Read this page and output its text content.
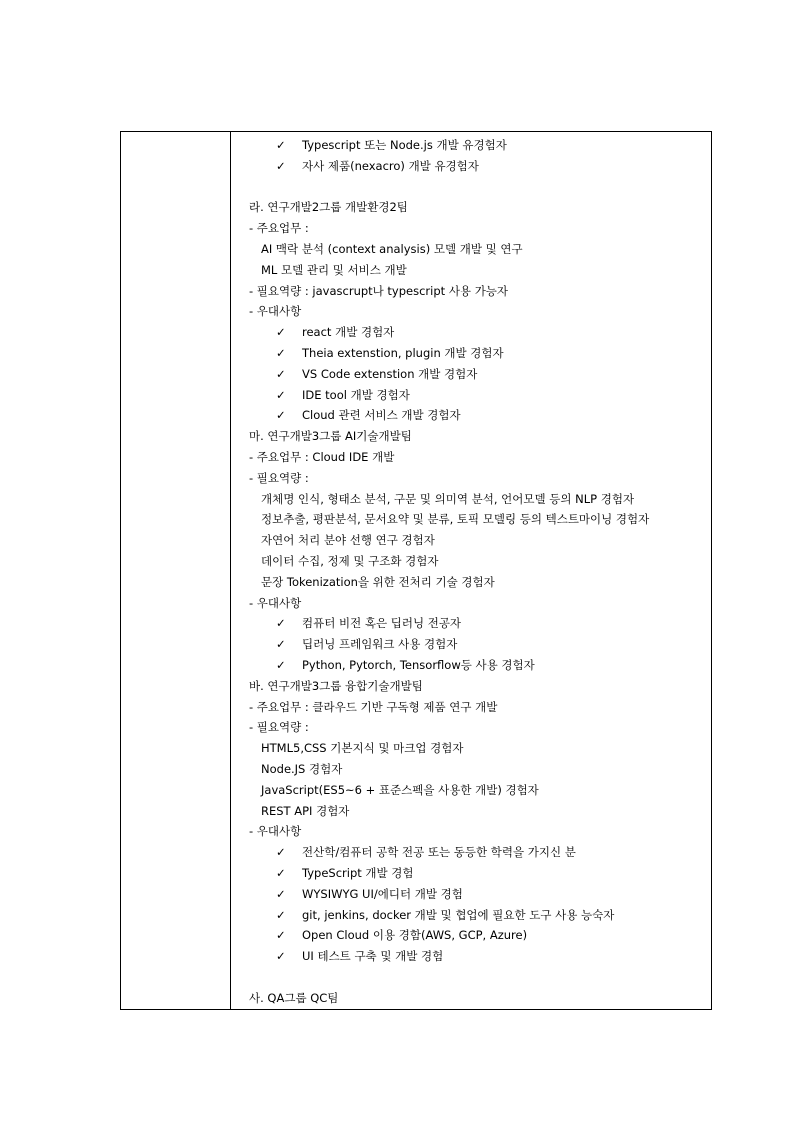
✓ Typescript 또는 Node.js 개발 유경험자
✓ 자사 제품(nexacro) 개발 유경험자
라. 연구개발2그룹 개발환경2팀
- 주요업무 :
AI 맥락 분석 (context analysis) 모델 개발 및 연구
ML 모델 관리 및 서비스 개발
- 필요역량 : javascrupt나 typescript 사용 가능자
- 우대사항
✓ react 개발 경험자
✓ Theia extenstion, plugin 개발 경험자
✓ VS Code extenstion 개발 경험자
✓ IDE tool 개발 경험자
✓ Cloud 관련 서비스 개발 경험자
마. 연구개발3그룹 AI기술개발팀
- 주요업무 : Cloud IDE 개발
- 필요역량 :
개체명 인식, 형태소 분석, 구문 및 의미역 분석, 언어모델 등의 NLP 경험자
정보추출, 평판분석, 문서요약 및 분류, 토픽 모델링 등의 텍스트마이닝 경험자
자연어 처리 분야 선행 연구 경험자
데이터 수집, 정제 및 구조화 경험자
문장 Tokenization을 위한 전처리 기술 경험자
- 우대사항
✓ 컴퓨터 비전 혹은 딥러닝 전공자
✓ 딥러닝 프레임워크 사용 경험자
✓ Python, Pytorch, Tensorflow등 사용 경험자
바. 연구개발3그룹 융합기술개발팀
- 주요업무 : 클라우드 기반 구독형 제품 연구 개발
- 필요역량 :
HTML5,CSS 기본지식 및 마크업 경험자
Node.JS 경험자
JavaScript(ES5~6 + 표준스펙을 사용한 개발) 경험자
REST API 경험자
- 우대사항
✓ 전산학/컴퓨터 공학 전공 또는 동등한 학력을 가지신 분
✓ TypeScript 개발 경험
✓ WYSIWYG UI/에디터 개발 경험
✓ git, jenkins, docker 개발 및 협업에 필요한 도구 사용 능숙자
✓ Open Cloud 이용 경함(AWS, GCP, Azure)
✓ UI 테스트 구축 및 개발 경험
사. QA그룹 QC팀
